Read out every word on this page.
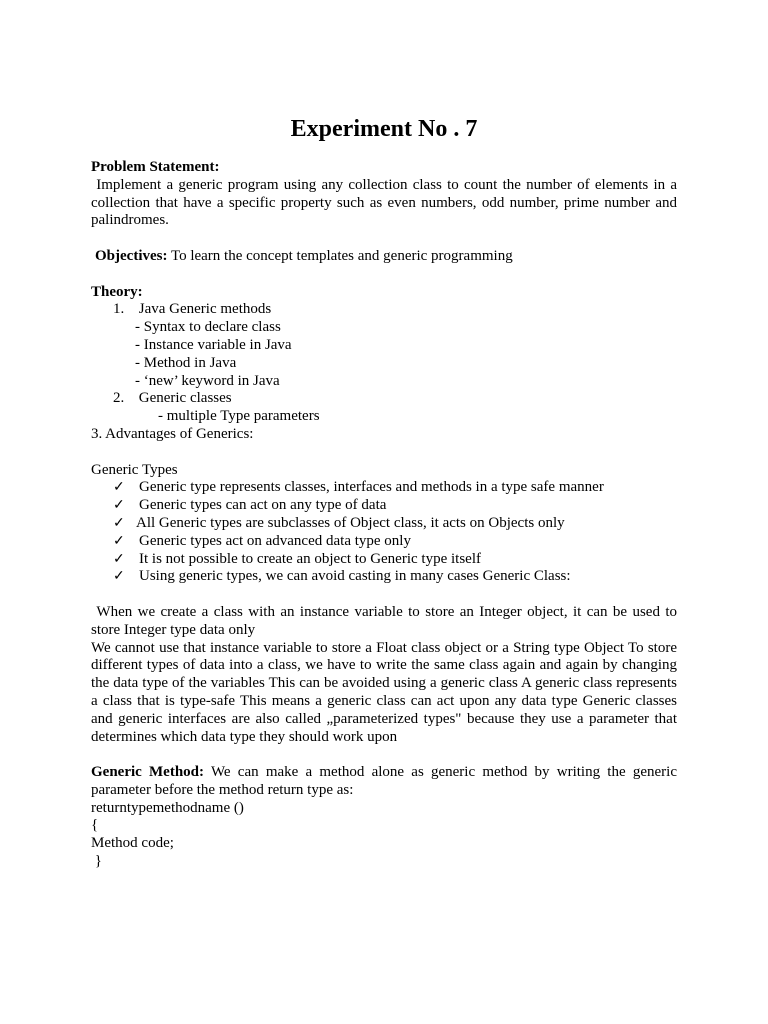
Experiment No . 7

Problem Statement:

Implement a generic program using any collection class to count the number of elements in a collection that have a specific property such as even numbers, odd number, prime number and palindromes.

Objectives: To learn the concept templates and generic programming

Theory:

1. Java Generic methods

- Syntax to declare class

- Instance variable in Java

- Method in Java

- ‘new’ keyword in Java

2. Generic classes

- multiple Type parameters

3. Advantages of Generics:

Generic Types

✓ Generic type represents classes, interfaces and methods in a type safe manner
✓ Generic types can act on any type of data
✓ All Generic types are subclasses of Object class, it acts on Objects only
✓ Generic types act on advanced data type only
✓ It is not possible to create an object to Generic type itself
✓ Using generic types, we can avoid casting in many cases Generic Class:

When we create a class with an instance variable to store an Integer object, it can be used to store Integer type data only

We cannot use that instance variable to store a Float class object or a String type Object To store different types of data into a class, we have to write the same class again and again by changing the data type of the variables This can be avoided using a generic class A generic class represents a class that is type-safe This means a generic class can act upon any data type Generic classes and generic interfaces are also called „parameterized types" because they use a parameter that determines which data type they should work upon

Generic Method: We can make a method alone as generic method by writing the generic parameter before the method return type as:

returntypemethodname ()

{

Method code;

}
